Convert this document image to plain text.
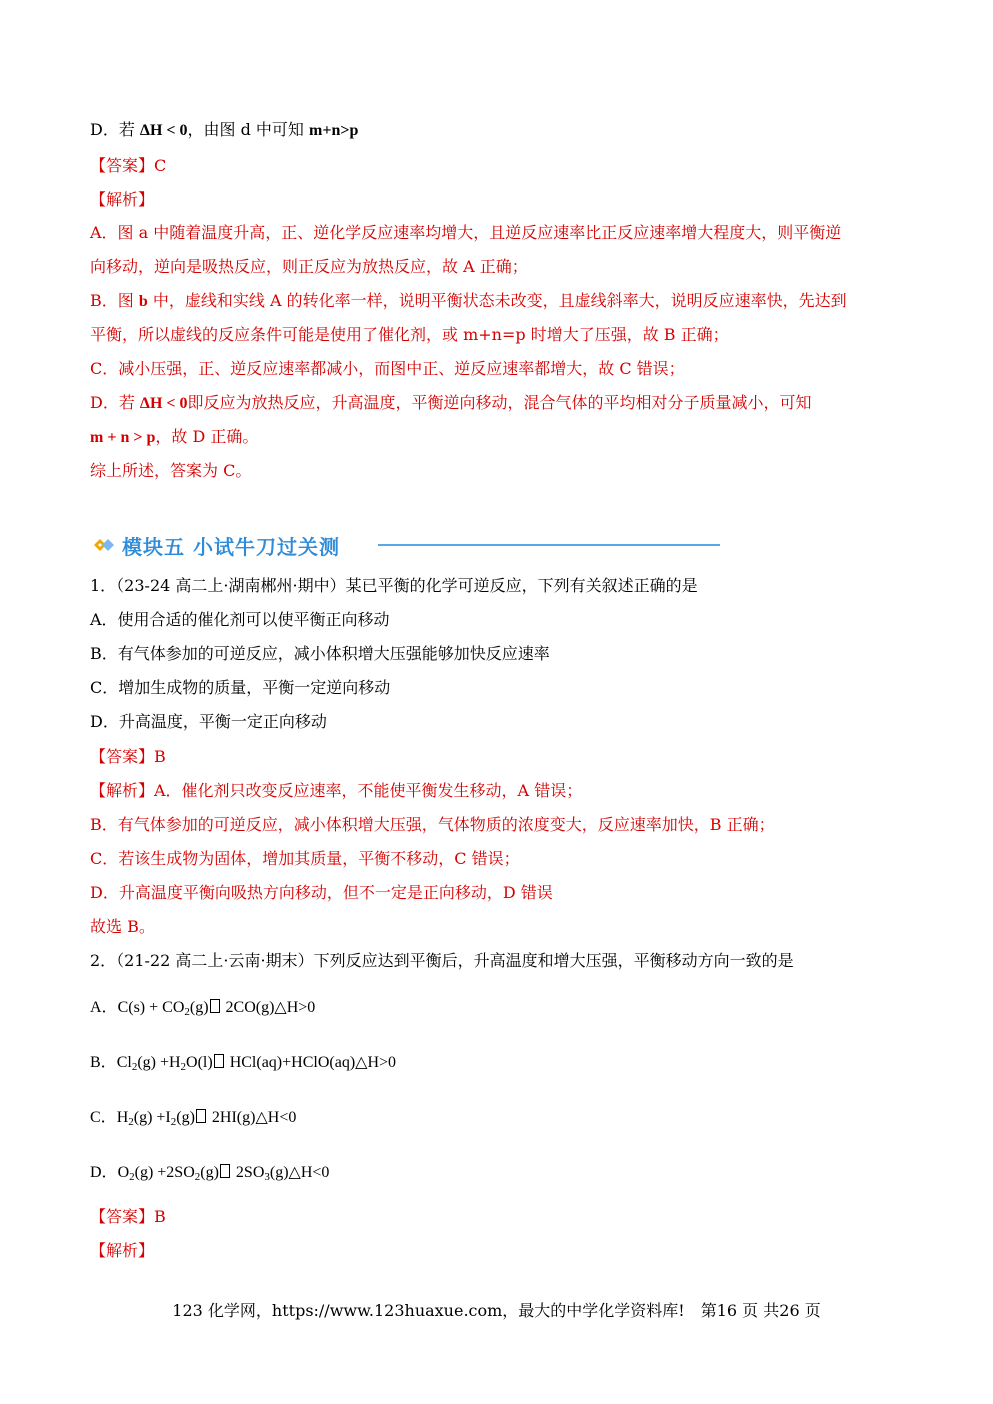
D．若 ΔH < 0，由图 d 中可知 m+n>p
【答案】C
【解析】
A．图 a 中随着温度升高，正、逆化学反应速率均增大，且逆反应速率比正反应速率增大程度大，则平衡逆
向移动，逆向是吸热反应，则正反应为放热反应，故 A 正确；
B．图 b 中，虚线和实线 A 的转化率一样，说明平衡状态未改变，且虚线斜率大，说明反应速率快，先达到
平衡，所以虚线的反应条件可能是使用了催化剂，或 m+n=p 时增大了压强，故 B 正确；
C．减小压强，正、逆反应速率都减小，而图中正、逆反应速率都增大，故 C 错误；
D．若 ΔH < 0即反应为放热反应，升高温度，平衡逆向移动，混合气体的平均相对分子质量减小，可知
m + n > p，故 D 正确。
综上所述，答案为 C。
模块五 小试牛刀过关测
1．（23-24 高二上·湖南郴州·期中）某已平衡的化学可逆反应，下列有关叙述正确的是
A．使用合适的催化剂可以使平衡正向移动
B．有气体参加的可逆反应，减小体积增大压强能够加快反应速率
C．增加生成物的质量，平衡一定逆向移动
D．升高温度，平衡一定正向移动
【答案】B
【解析】A．催化剂只改变反应速率，不能使平衡发生移动，A 错误；
B．有气体参加的可逆反应，减小体积增大压强，气体物质的浓度变大，反应速率加快，B 正确；
C．若该生成物为固体，增加其质量，平衡不移动，C 错误；
D．升高温度平衡向吸热方向移动，但不一定是正向移动，D 错误
故选 B。
2．（21-22 高二上·云南·期末）下列反应达到平衡后，升高温度和增大压强，平衡移动方向一致的是
A．$C(s) + CO_2(g)$ 2CO(g)△H>0
B．$Cl_2(g) +H_2O(l)$ HCl(aq)+HClO(aq)△H>0
C．$H_2(g) +I_2(g)$ 2HI(g)△H<0
D．$O_2(g) +2SO_2(g)$ $2SO_3(g)\triangle H<0$
【答案】B
【解析】
123 化学网，https://www.123huaxue.com，最大的中学化学资料库!　第16 页 共26 页
